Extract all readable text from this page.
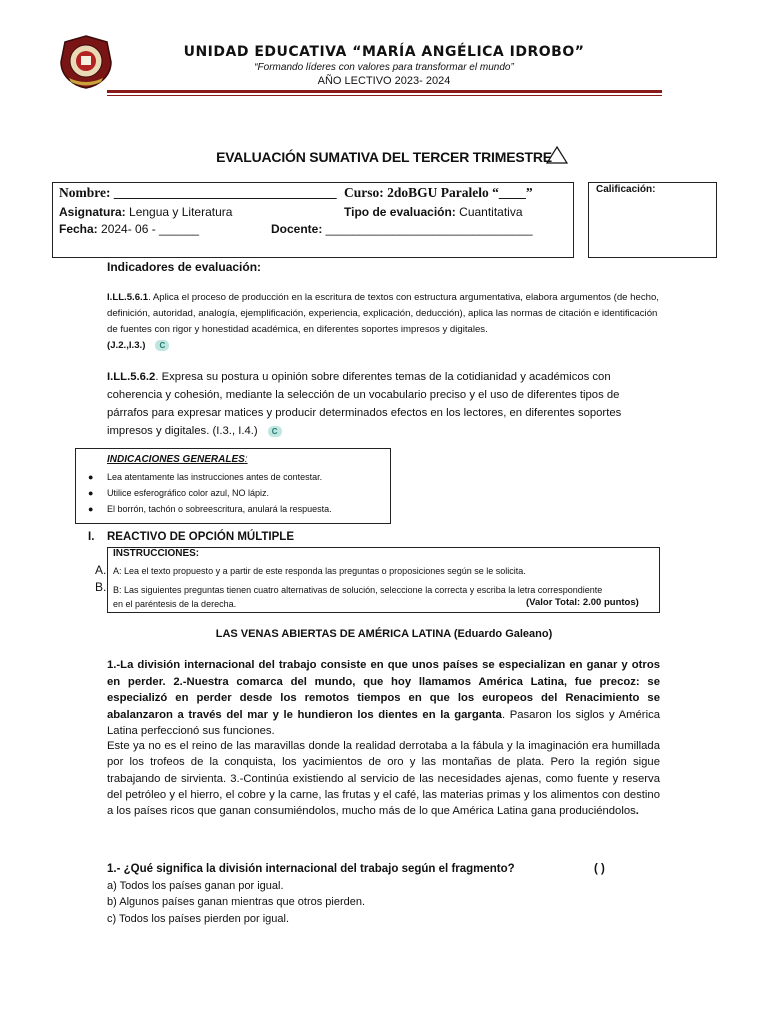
UNIDAD EDUCATIVA “MARÍA ANGÉLICA IDROBO”
“Formando líderes con valores para transformar el mundo”
AÑO LECTIVO 2023- 2024
EVALUACIÓN SUMATIVA DEL TERCER TRIMESTRE
Calificación:
Nombre: _________________________________ Curso: 2doBGU Paralelo “____”
Asignatura: Lengua y Literatura	Tipo de evaluación: Cuantitativa
Fecha: 2024- 06 - ______	Docente: _______________________________
Indicadores de evaluación:
I.LL.5.6.1. Aplica el proceso de producción en la escritura de textos con estructura argumentativa, elabora argumentos (de hecho, definición, autoridad, analogía, ejemplificación, experiencia, explicación, deducción), aplica las normas de citación e identificación de fuentes con rigor y honestidad académica, en diferentes soportes impresos y digitales.
(J.2.,I.3.) C
I.LL.5.6.2. Expresa su postura u opinión sobre diferentes temas de la cotidianidad y académicos con coherencia y cohesión, mediante la selección de un vocabulario preciso y el uso de diferentes tipos de párrafos para expresar matices y producir determinados efectos en los lectores, en diferentes soportes impresos y digitales. (I.3., I.4.) C
INDICACIONES GENERALES:
● Lea atentamente las instrucciones antes de contestar.
● Utilice esferográfico color azul, NO lápiz.
● El borrón, tachón o sobreescritura, anulará la respuesta.
I. REACTIVO DE OPCIÓN MÚLTIPLE
INSTRUCCIONES:
A. A: Lea el texto propuesto y a partir de este responda las preguntas o proposiciones según se le solicita.
B. B: Las siguientes preguntas tienen cuatro alternativas de solución, seleccione la correcta y escriba la letra correspondiente en el paréntesis de la derecha.	(Valor Total: 2.00 puntos)
LAS VENAS ABIERTAS DE AMÉRICA LATINA (Eduardo Galeano)
1.-La división internacional del trabajo consiste en que unos países se especializan en ganar y otros en perder. 2.-Nuestra comarca del mundo, que hoy llamamos América Latina, fue precoz: se especializó en perder desde los remotos tiempos en que los europeos del Renacimiento se abalanzaron a través del mar y le hundieron los dientes en la garganta. Pasaron los siglos y América Latina perfeccionó sus funciones.
Este ya no es el reino de las maravillas donde la realidad derrotaba a la fábula y la imaginación era humillada por los trofeos de la conquista, los yacimientos de oro y las montañas de plata. Pero la región sigue trabajando de sirvienta. 3.-Continúa existiendo al servicio de las necesidades ajenas, como fuente y reserva del petróleo y el hierro, el cobre y la carne, las frutas y el café, las materias primas y los alimentos con destino a los países ricos que ganan consumiéndolos, mucho más de lo que América Latina gana produciéndolos.
1.- ¿Qué significa la división internacional del trabajo según el fragmento?	( )
a) Todos los países ganan por igual.
b) Algunos países ganan mientras que otros pierden.
c) Todos los países pierden por igual.
